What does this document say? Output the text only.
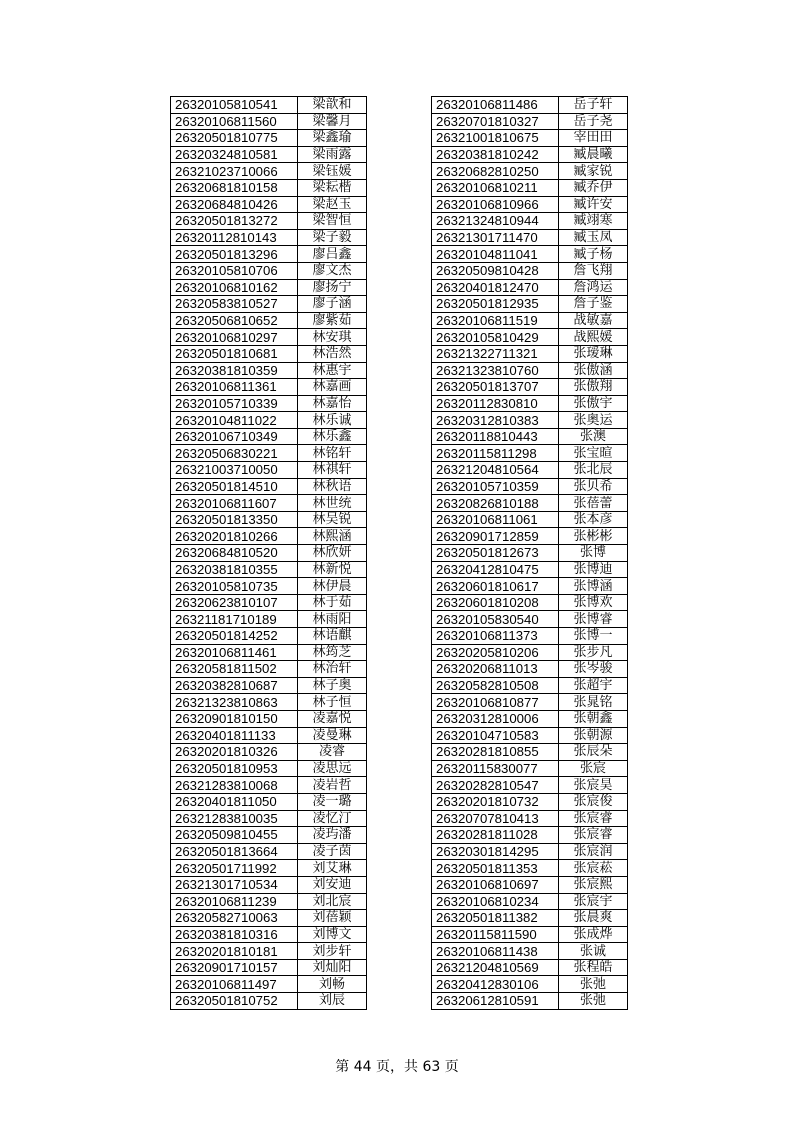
26320105810541	梁歆和
26320106811560	梁馨月
26320501810775	梁鑫瑜
26320324810581	梁雨露
26321023710066	梁钰媛
26320681810158	梁耘楷
26320684810426	梁赵玉
26320501813272	梁智恒
26320112810143	梁子毅
26320501813296	廖吕鑫
26320105810706	廖文杰
26320106810162	廖扬宁
26320583810527	廖子涵
26320506810652	廖紫茹
26320106810297	林安琪
26320501810681	林浩然
26320381810359	林惠宇
26320106811361	林嘉画
26320105710339	林嘉怡
26320104811022	林乐诚
26320106710349	林乐鑫
26320506830221	林铭轩
26321003710050	林祺轩
26320501814510	林秋语
26320106811607	林世统
26320501813350	林吴锐
26320201810266	林熙涵
26320684810520	林欣妍
26320381810355	林新悦
26320105810735	林伊晨
26320623810107	林于茹
26321181710189	林雨阳
26320501814252	林语麒
26320106811461	林筠芝
26320581811502	林治轩
26320382810687	林子奥
26321323810863	林子恒
26320901810150	凌嘉悦
26320401811133	凌曼琳
26320201810326	凌睿
26320501810953	凌思远
26321283810068	凌岩哲
26320401811050	凌一璐
26321283810035	凌忆汀
26320509810455	凌玙潘
26320501813664	凌子茵
26320501711992	刘艾琳
26321301710534	刘安迪
26320106811239	刘北宸
26320582710063	刘蓓颖
26320381810316	刘博文
26320201810181	刘步轩
26320901710157	刘灿阳
26320106811497	刘畅
26320501810752	刘辰
26320106811486	岳子轩
26320701810327	岳子尧
26321001810675	宰田田
26320381810242	臧晨曦
26320682810250	臧家锐
26320106810211	臧乔伊
26320106810966	臧许安
26321324810944	臧翊寒
26321301711470	臧玉凤
26320104811041	臧子杨
26320509810428	詹飞翔
26320401812470	詹鸿运
26320501812935	詹子鉴
26320106811519	战敏嘉
26320105810429	战熙媛
26321322711321	张瑷琳
26321323810760	张傲涵
26320501813707	张傲翔
26320112830810	张傲宇
26320312810383	张奥运
26320118810443	张澳
26320115811298	张宝暄
26321204810564	张北辰
26320105710359	张贝希
26320826810188	张蓓蕾
26320106811061	张本彦
26320901712859	张彬彬
26320501812673	张博
26320412810475	张博迪
26320601810617	张博涵
26320601810208	张博欢
26320105830540	张博睿
26320106811373	张博一
26320205810206	张步凡
26320206811013	张岑骏
26320582810508	张超宇
26320106810877	张晁铭
26320312810006	张朝鑫
26320104710583	张朝源
26320281810855	张辰朵
26320115830077	张宸
26320282810547	张宸昊
26320201810732	张宸俊
26320707810413	张宸睿
26320281811028	张宸睿
26320301814295	张宸润
26320501811353	张宸菘
26320106810697	张宸熙
26320106810234	张宸宇
26320501811382	张晨爽
26320115811590	张成烨
26320106811438	张诚
26321204810569	张程皓
26320412830106	张弛
26320612810591	张弛
第 44 页，共 63 页
